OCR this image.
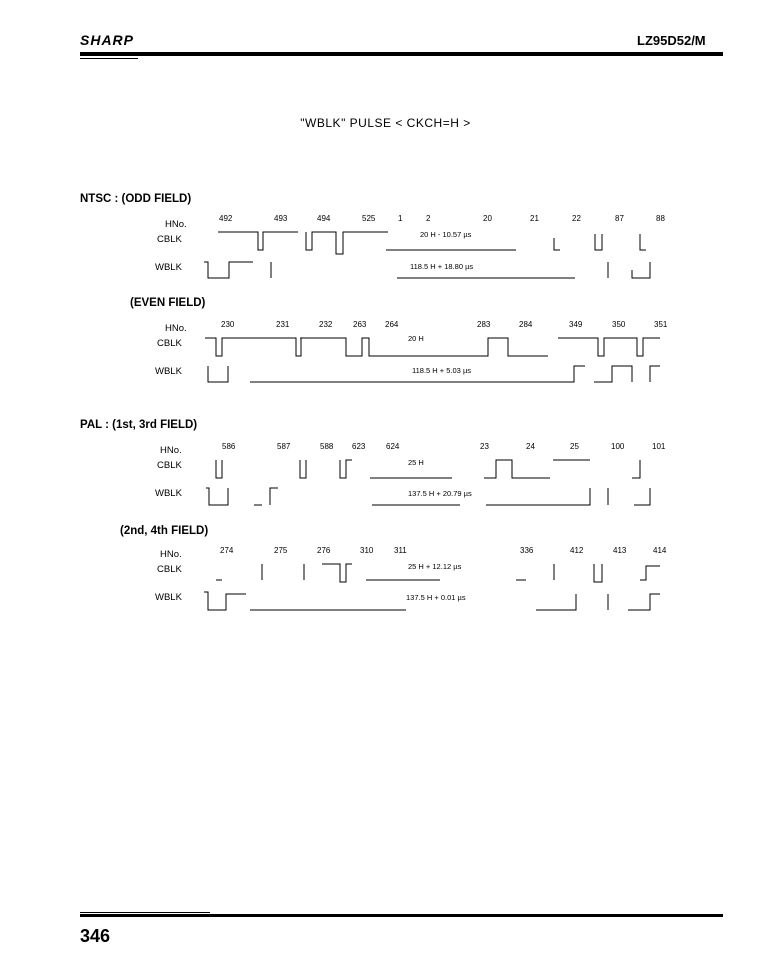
SHARP	LZ95D52/M
"WBLK" PULSE < CKCH=H >
NTSC : (ODD FIELD)
HNo.
CBLK
WBLK
492	493	494	525	1	2	20	21	22	87	88
20 H - 10.57 µs
118.5 H + 18.80 µs
(EVEN FIELD)
HNo.
CBLK
WBLK
230	231	232	263 264	283	284	349	350	351
20 H
118.5 H + 5.03 µs
PAL : (1st, 3rd FIELD)
HNo.
CBLK
WBLK
586	587	588 623	624	23	24	25	100	101
25 H
137.5 H + 20.79 µs
(2nd, 4th FIELD)
HNo.
CBLK
WBLK
274	275	276	310	311	336	412	413	414
25 H + 12.12 µs
137.5 H + 0.01 µs
346
